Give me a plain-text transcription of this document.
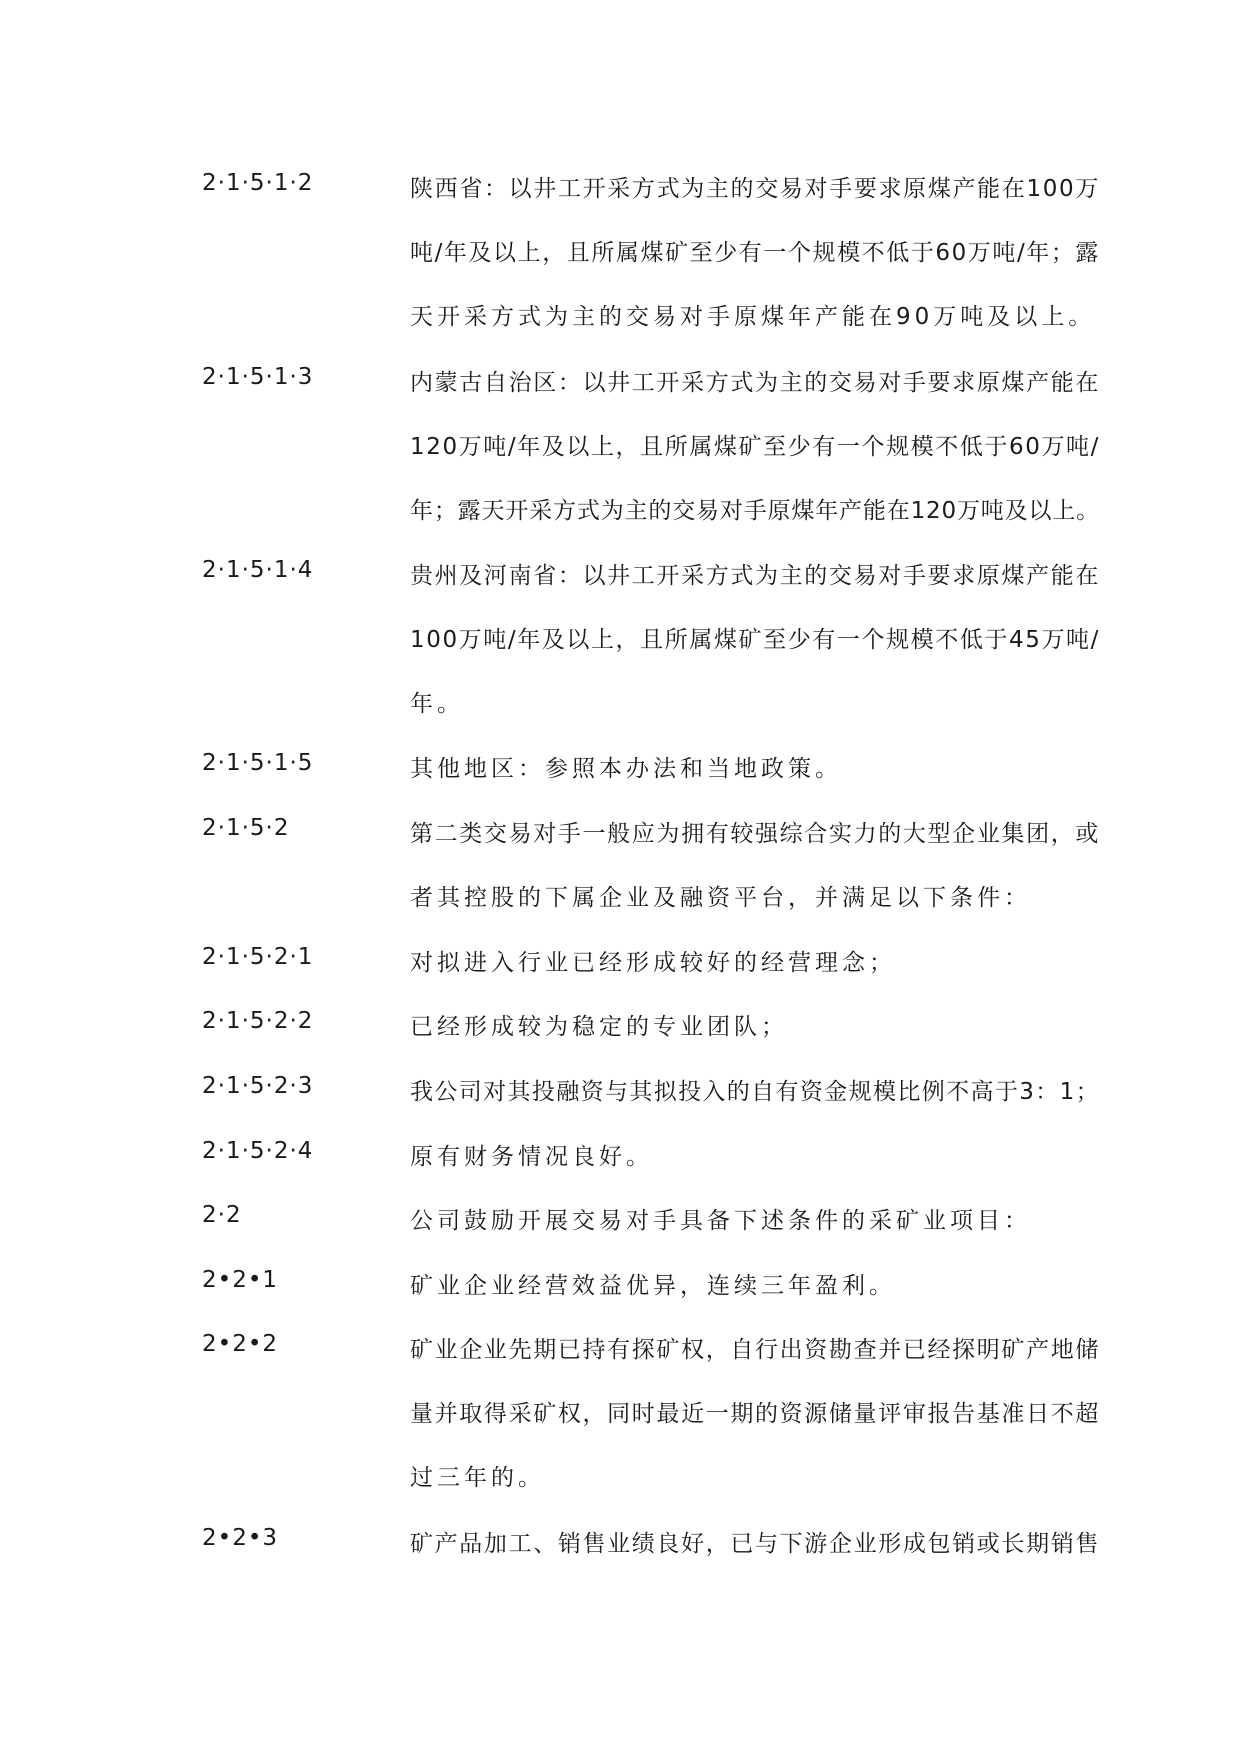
2·1·5·1·2	陕西省：以井工开采方式为主的交易对手要求原煤产能在100万
吨/年及以上，且所属煤矿至少有一个规模不低于60万吨/年；露
天开采方式为主的交易对手原煤年产能在90万吨及以上。
2·1·5·1·3	内蒙古自治区：以井工开采方式为主的交易对手要求原煤产能在
120万吨/年及以上，且所属煤矿至少有一个规模不低于60万吨/
年；露天开采方式为主的交易对手原煤年产能在120万吨及以上。
2·1·5·1·4	贵州及河南省：以井工开采方式为主的交易对手要求原煤产能在
100万吨/年及以上，且所属煤矿至少有一个规模不低于45万吨/
年。
2·1·5·1·5	其他地区：参照本办法和当地政策。
2·1·5·2	第二类交易对手一般应为拥有较强综合实力的大型企业集团，或
者其控股的下属企业及融资平台，并满足以下条件：
2·1·5·2·1	对拟进入行业已经形成较好的经营理念；
2·1·5·2·2	已经形成较为稳定的专业团队；
2·1·5·2·3	我公司对其投融资与其拟投入的自有资金规模比例不高于3：1；
2·1·5·2·4	原有财务情况良好。
2·2	公司鼓励开展交易对手具备下述条件的采矿业项目：
2•2•1	矿业企业经营效益优异，连续三年盈利。
2•2•2	矿业企业先期已持有探矿权，自行出资勘查并已经探明矿产地储
量并取得采矿权，同时最近一期的资源储量评审报告基准日不超
过三年的。
2•2•3	矿产品加工、销售业绩良好，已与下游企业形成包销或长期销售
